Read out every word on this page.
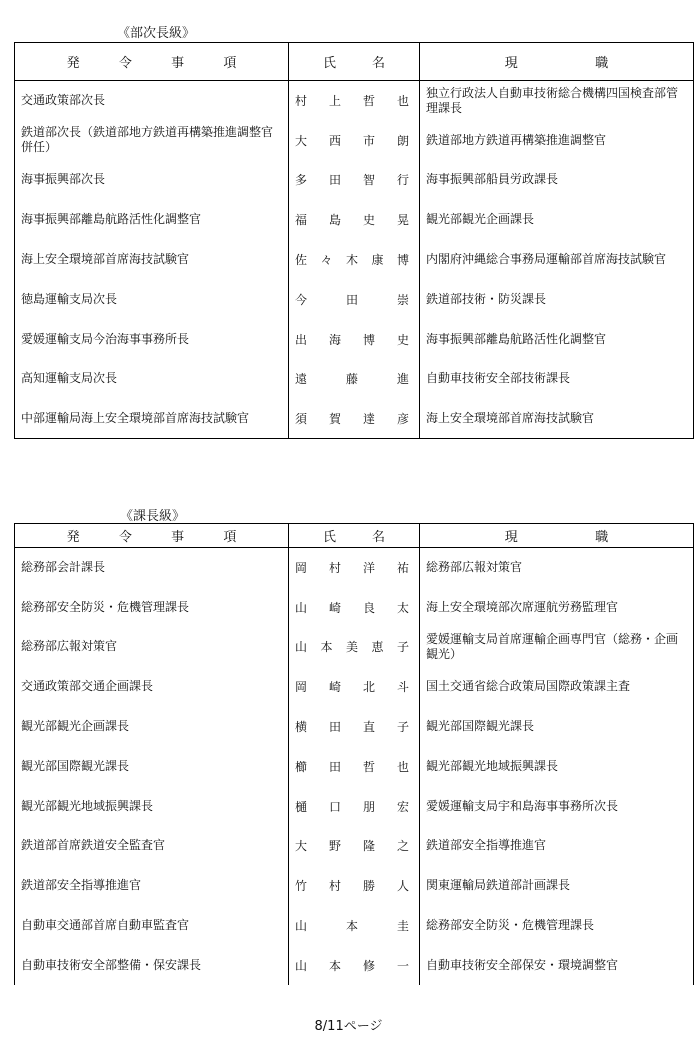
《部次長級》
発 令 事 項	氏 名	現 職

交通政策部次長	村上哲也	独立行政法人自動車技術総合機構四国検査部管理課長
鉄道部次長（鉄道部地方鉄道再構築推進調整官併任）	大西市朗	鉄道部地方鉄道再構築推進調整官
海事振興部次長	多田智行	海事振興部船員労政課長
海事振興部離島航路活性化調整官	福島史晃	観光部観光企画課長
海上安全環境部首席海技試験官	佐々木康博	内閣府沖縄総合事務局運輸部首席海技試験官
徳島運輸支局次長	今田崇	鉄道部技術・防災課長
愛媛運輸支局今治海事事務所長	出海博史	海事振興部離島航路活性化調整官
高知運輸支局次長	遠藤進	自動車技術安全部技術課長
中部運輸局海上安全環境部首席海技試験官	須賀達彦	海上安全環境部首席海技試験官
《課長級》
発 令 事 項	氏 名	現 職

総務部会計課長	岡村洋祐	総務部広報対策官
総務部安全防災・危機管理課長	山崎良太	海上安全環境部次席運航労務監理官
総務部広報対策官	山本美恵子	愛媛運輸支局首席運輸企画専門官（総務・企画観光）
交通政策部交通企画課長	岡崎北斗	国土交通省総合政策局国際政策課主査
観光部観光企画課長	横田直子	観光部国際観光課長
観光部国際観光課長	櫛田哲也	観光部観光地域振興課長
観光部観光地域振興課長	樋口朋宏	愛媛運輸支局宇和島海事事務所次長
鉄道部首席鉄道安全監査官	大野隆之	鉄道部安全指導推進官
鉄道部安全指導推進官	竹村勝人	関東運輸局鉄道部計画課長
自動車交通部首席自動車監査官	山本圭	総務部安全防災・危機管理課長
自動車技術安全部整備・保安課長	山本修一	自動車技術安全部保安・環境調整官
8/11ページ
